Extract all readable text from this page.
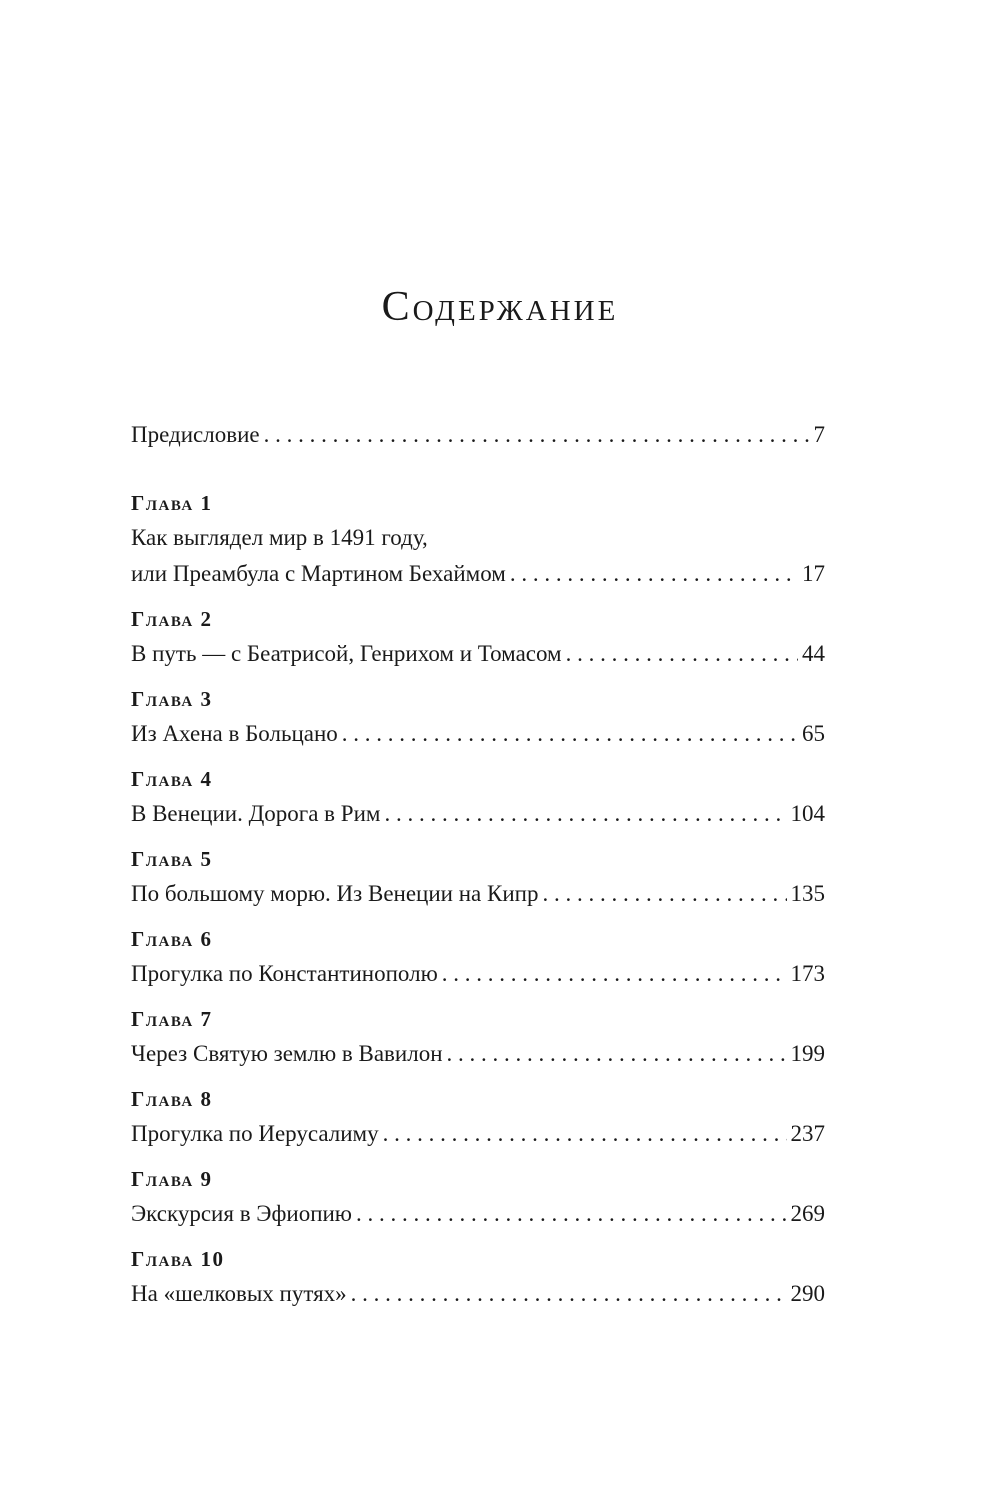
Содержание
Предисловие . . .	7
Глава 1
Как выглядел мир в 1491 году,
или Преамбула с Мартином Бехаймом . . .	17
Глава 2
В путь — с Беатрисой, Генрихом и Томасом . . .	44
Глава 3
Из Ахена в Больцано . . .	65
Глава 4
В Венеции. Дорога в Рим . . .	104
Глава 5
По большому морю. Из Венеции на Кипр . . .	135
Глава 6
Прогулка по Константинополю . . .	173
Глава 7
Через Святую землю в Вавилон . . .	199
Глава 8
Прогулка по Иерусалиму . . .	237
Глава 9
Экскурсия в Эфиопию . . .	269
Глава 10
На «шелковых путях» . . .	290
